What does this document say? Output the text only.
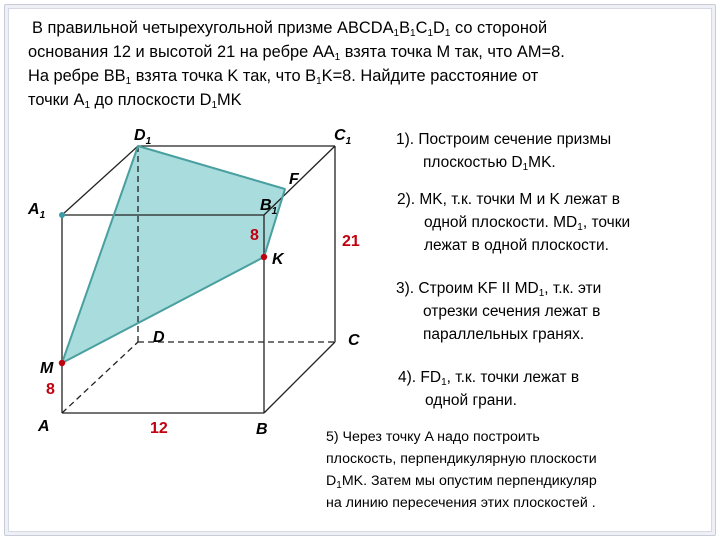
В правильной четырехугольной призме $ABCDA_1B_1C_1D_1$ со стороной
основания 12 и высотой 21 на ребре $AA_1$ взята точка M так, что AM=8.
На ребре $BB_1$ взята точка K так, что $B_1K=8$. Найдите расстояние от
точки $A_1$ до плоскости $D_1MK$
$D_1$	$C_1$
$A_1$
$B_1$
F
K
D	C
M
A	B
8	21
8
12
1). Построим сечение призмы
плоскостью $D_1MK$.
2). MK, т.к. точки M и K лежат в
одной плоскости. $MD_1$, точки
лежат в одной плоскости.
3). Строим KF II $MD_1$, т.к. эти
отрезки сечения лежат в
параллельных гранях.
4). $FD_1$, т.к. точки лежат в
одной грани.
5) Через точку A надо построить
плоскость, перпендикулярную плоскости
$D_1MK$. Затем мы опустим перпендикуляр
на линию пересечения этих плоскостей .
